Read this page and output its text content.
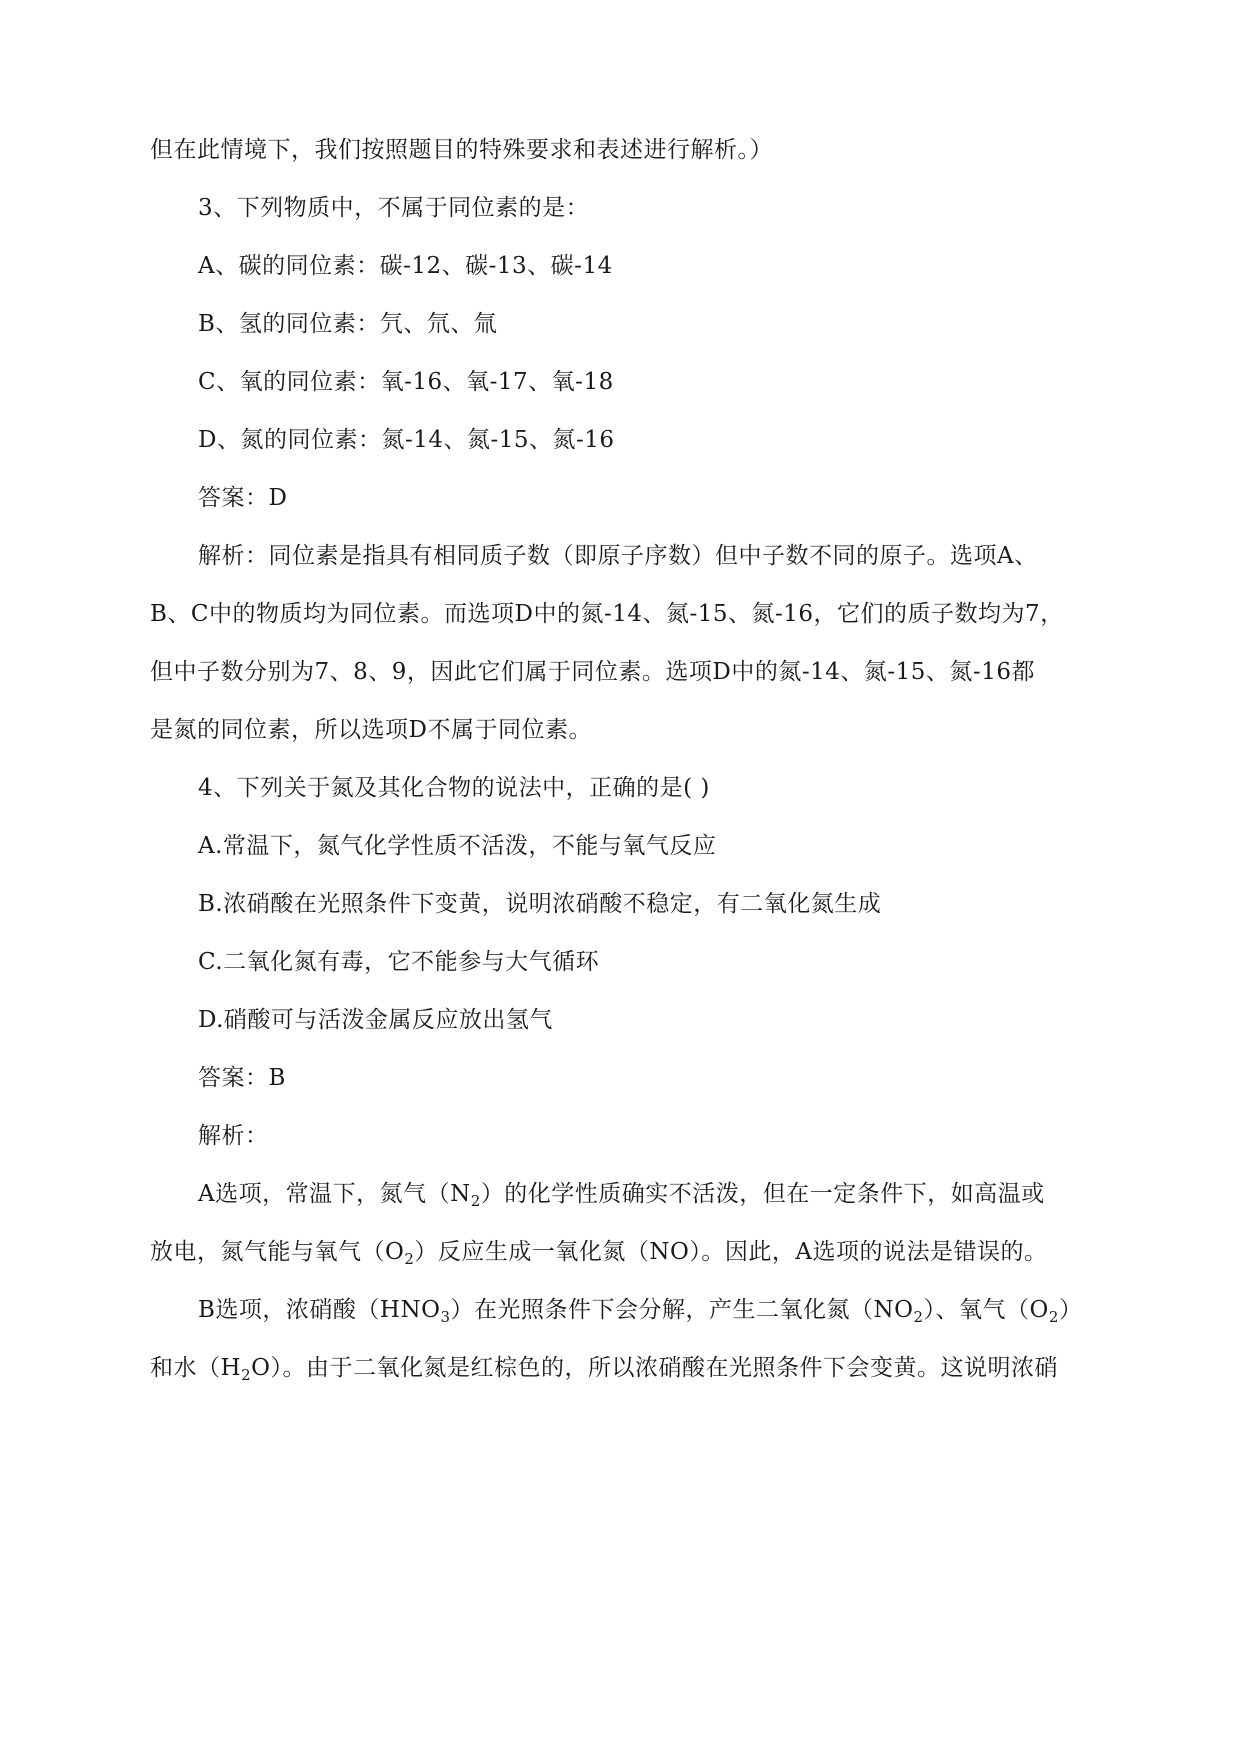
但在此情境下，我们按照题目的特殊要求和表述进行解析。）
3、下列物质中，不属于同位素的是：
A、碳的同位素：碳-12、碳-13、碳-14
B、氢的同位素：氕、氘、氚
C、氧的同位素：氧-16、氧-17、氧-18
D、氮的同位素：氮-14、氮-15、氮-16
答案：D
解析：同位素是指具有相同质子数（即原子序数）但中子数不同的原子。选项A、
B、C中的物质均为同位素。而选项D中的氮-14、氮-15、氮-16，它们的质子数均为7，
但中子数分别为7、8、9，因此它们属于同位素。选项D中的氮-14、氮-15、氮-16都
是氮的同位素，所以选项D不属于同位素。
4、下列关于氮及其化合物的说法中，正确的是( )
A.常温下，氮气化学性质不活泼，不能与氧气反应
B.浓硝酸在光照条件下变黄，说明浓硝酸不稳定，有二氧化氮生成
C.二氧化氮有毒，它不能参与大气循环
D.硝酸可与活泼金属反应放出氢气
答案：B
解析：
A选项，常温下，氮气$(N_2)$的化学性质确实不活泼，但在一定条件下，如高温或
放电，氮气能与氧气$(O_2)$反应生成一氧化氮（NO）。因此，A选项的说法是错误的。
B选项，浓硝酸$(HNO_3)$在光照条件下会分解，产生二氧化氮$(NO_2)$、氧气$(O_2)$
和水$(H_2O)$。由于二氧化氮是红棕色的，所以浓硝酸在光照条件下会变黄。这说明浓硝
